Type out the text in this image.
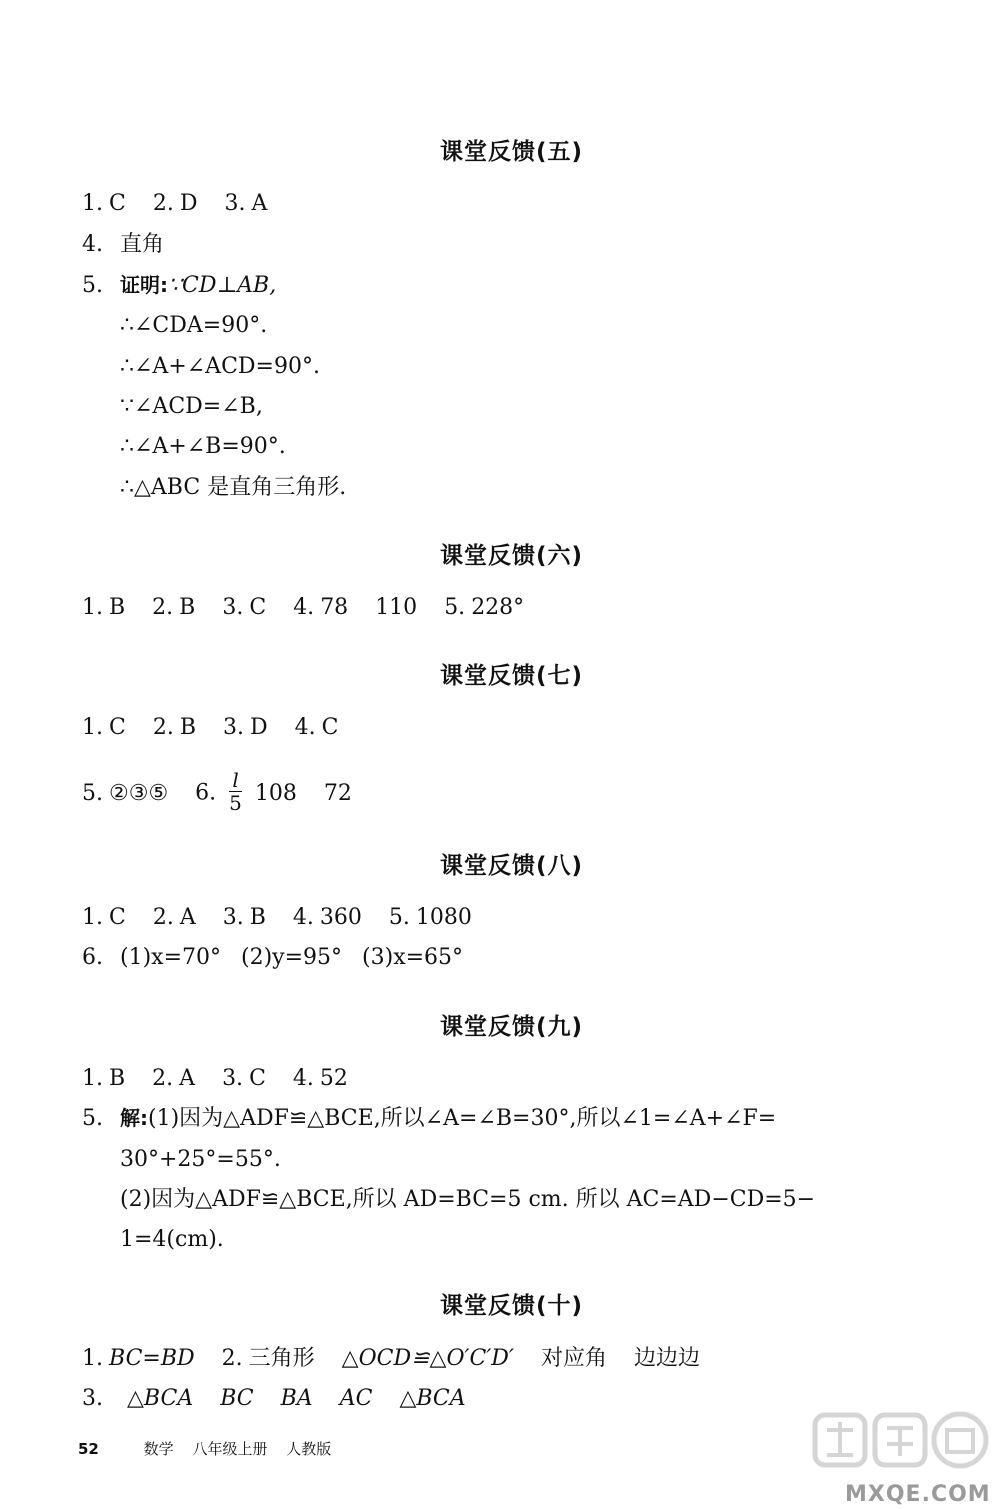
课堂反馈(五)
1. C 2. D 3. A
4. 直角
5. 证明:∵CD⊥AB,
∴∠CDA=90°.
∴∠A+∠ACD=90°.
∵∠ACD=∠B,
∴∠A+∠B=90°.
∴△ABC 是直角三角形.
课堂反馈(六)
1. B 2. B 3. C 4. 78 110 5. 228°
课堂反馈(七)
1. C 2. B 3. D 4. C
5. ②③⑤ 6. $\frac{l}{5} 108$ 72
课堂反馈(八)
1. C 2. A 3. B 4. 360 5. 1080
6. (1)x=70° (2)y=95° (3)x=65°
课堂反馈(九)
1. B 2. A 3. C 4. 52
5. 解:(1)因为△ADF≌△BCE,所以∠A=∠B=30°,所以∠1=∠A+∠F=
30°+25°=55°.
(2)因为△ADF≌△BCE,所以 AD=BC=5 cm. 所以 AC=AD−CD=5−
1=4(cm).
课堂反馈(十)
1. BC=BD 2. 三角形 △OCD≌△O′C′D′ 对应角 边边边
3. △BCA BC BA AC △BCA
52	数学 八年级上册 人教版
MXQE.COM
